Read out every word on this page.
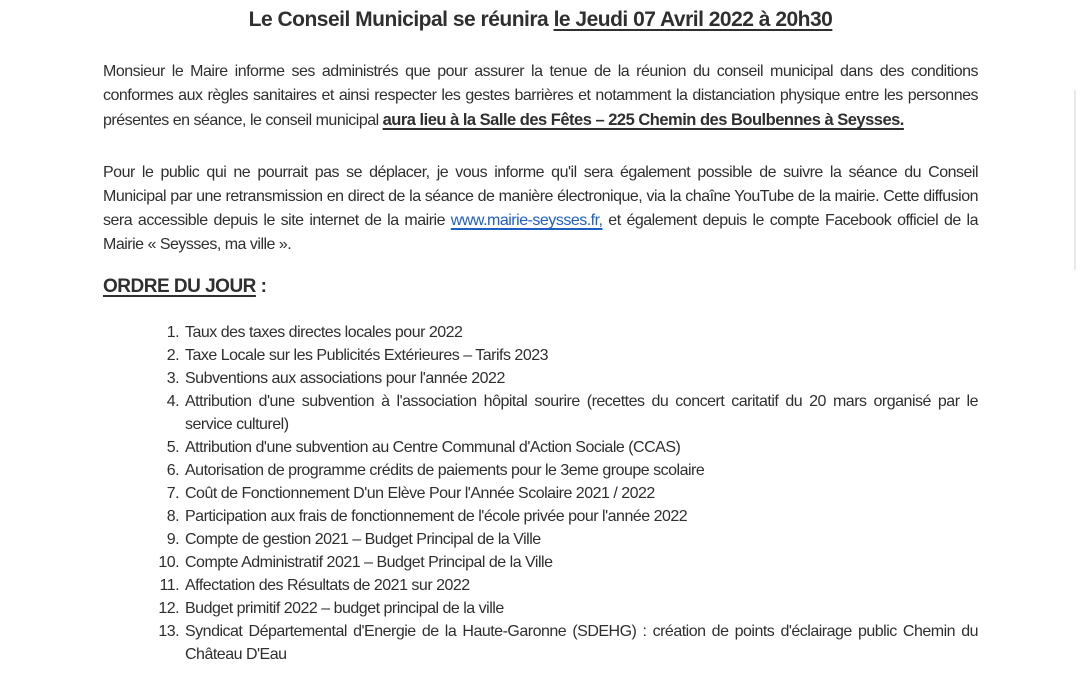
Le Conseil Municipal se réunira le Jeudi 07 Avril 2022 à 20h30

Monsieur le Maire informe ses administrés que pour assurer la tenue de la réunion du conseil municipal dans des conditions conformes aux règles sanitaires et ainsi respecter les gestes barrières et notamment la distanciation physique entre les personnes présentes en séance, le conseil municipal aura lieu à la Salle des Fêtes – 225 Chemin des Boulbennes à Seysses.

Pour le public qui ne pourrait pas se déplacer, je vous informe qu'il sera également possible de suivre la séance du Conseil Municipal par une retransmission en direct de la séance de manière électronique, via la chaîne YouTube de la mairie. Cette diffusion sera accessible depuis le site internet de la mairie www.mairie-seysses.fr, et également depuis le compte Facebook officiel de la Mairie « Seysses, ma ville ».

ORDRE DU JOUR :
1. Taux des taxes directes locales pour 2022
2. Taxe Locale sur les Publicités Extérieures – Tarifs 2023
3. Subventions aux associations pour l'année 2022
4. Attribution d'une subvention à l'association hôpital sourire (recettes du concert caritatif du 20 mars organisé par le service culturel)
5. Attribution d'une subvention au Centre Communal d'Action Sociale (CCAS)
6. Autorisation de programme crédits de paiements pour le 3eme groupe scolaire
7. Coût de Fonctionnement D'un Elève Pour l'Année Scolaire 2021 / 2022
8. Participation aux frais de fonctionnement de l'école privée pour l'année 2022
9. Compte de gestion 2021 – Budget Principal de la Ville
10. Compte Administratif 2021 – Budget Principal de la Ville
11. Affectation des Résultats de 2021 sur 2022
12. Budget primitif 2022 – budget principal de la ville
13. Syndicat Départemental d'Energie de la Haute-Garonne (SDEHG) : création de points d'éclairage public Chemin du Château D'Eau
